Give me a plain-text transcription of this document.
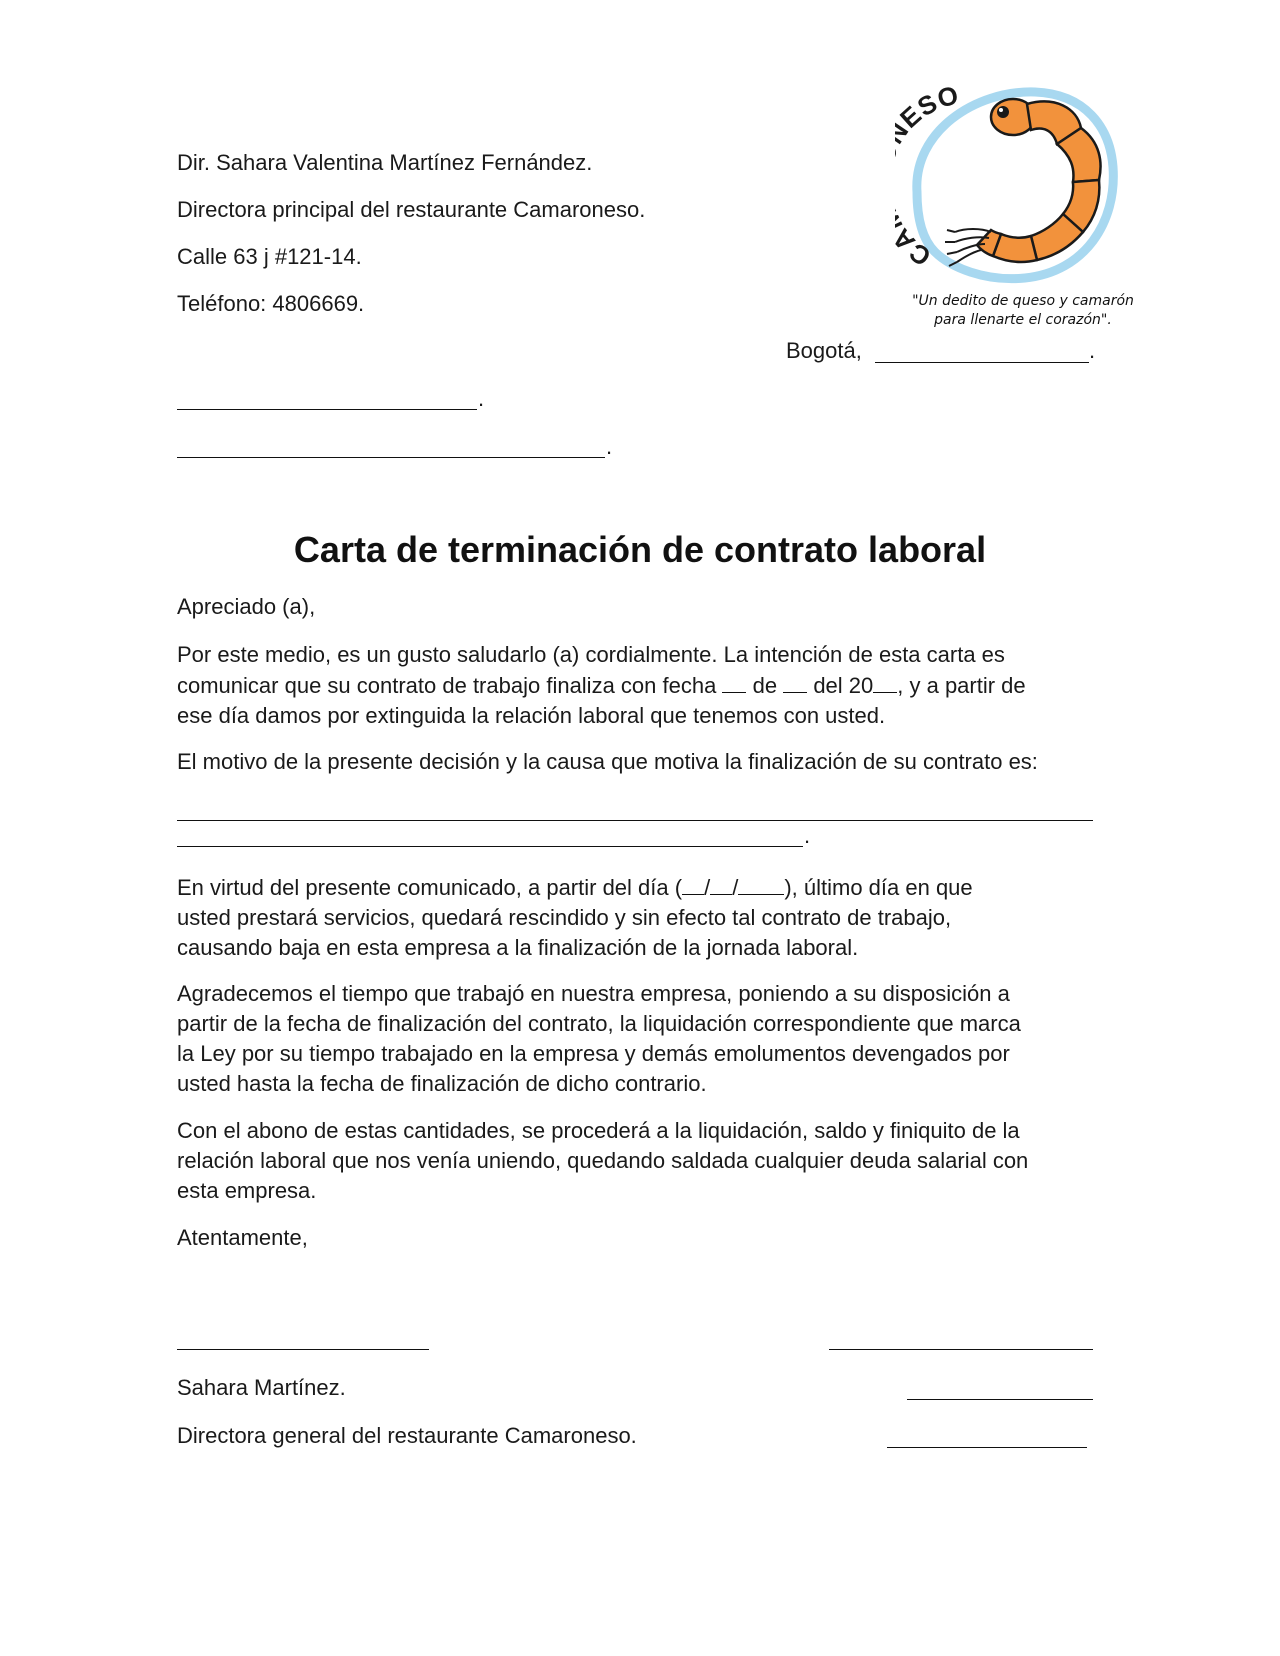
Dir. Sahara Valentina Martínez Fernández.
Directora principal del restaurante Camaroneso.
Calle 63 j #121-14.
Teléfono: 4806669.
C ESO
"Un dedito de queso y camarón
para llenarte el corazón".
Bogotá,	.
.
.
Carta de terminación de contrato laboral
Apreciado (a),

Por este medio, es un gusto saludarlo (a) cordialmente. La intención de esta carta es

comunicar que su contrato de trabajo finaliza con fecha de del 20 , y a partir de

ese día damos por extinguida la relación laboral que tenemos con usted.

El motivo de la presente decisión y la causa que motiva la finalización de su contrato es:
.

En virtud del presente comunicado, a partir del día ( / / ), último día en que

usted prestará servicios, quedará rescindido y sin efecto tal contrato de trabajo,

causando baja en esta empresa a la finalización de la jornada laboral.

Agradecemos el tiempo que trabajó en nuestra empresa, poniendo a su disposición a

partir de la fecha de finalización del contrato, la liquidación correspondiente que marca

la Ley por su tiempo trabajado en la empresa y demás emolumentos devengados por

usted hasta la fecha de finalización de dicho contrario.

Con el abono de estas cantidades, se procederá a la liquidación, saldo y finiquito de la

relación laboral que nos venía uniendo, quedando saldada cualquier deuda salarial con

esta empresa.

Atentamente,
Sahara Martínez.
Directora general del restaurante Camaroneso.
